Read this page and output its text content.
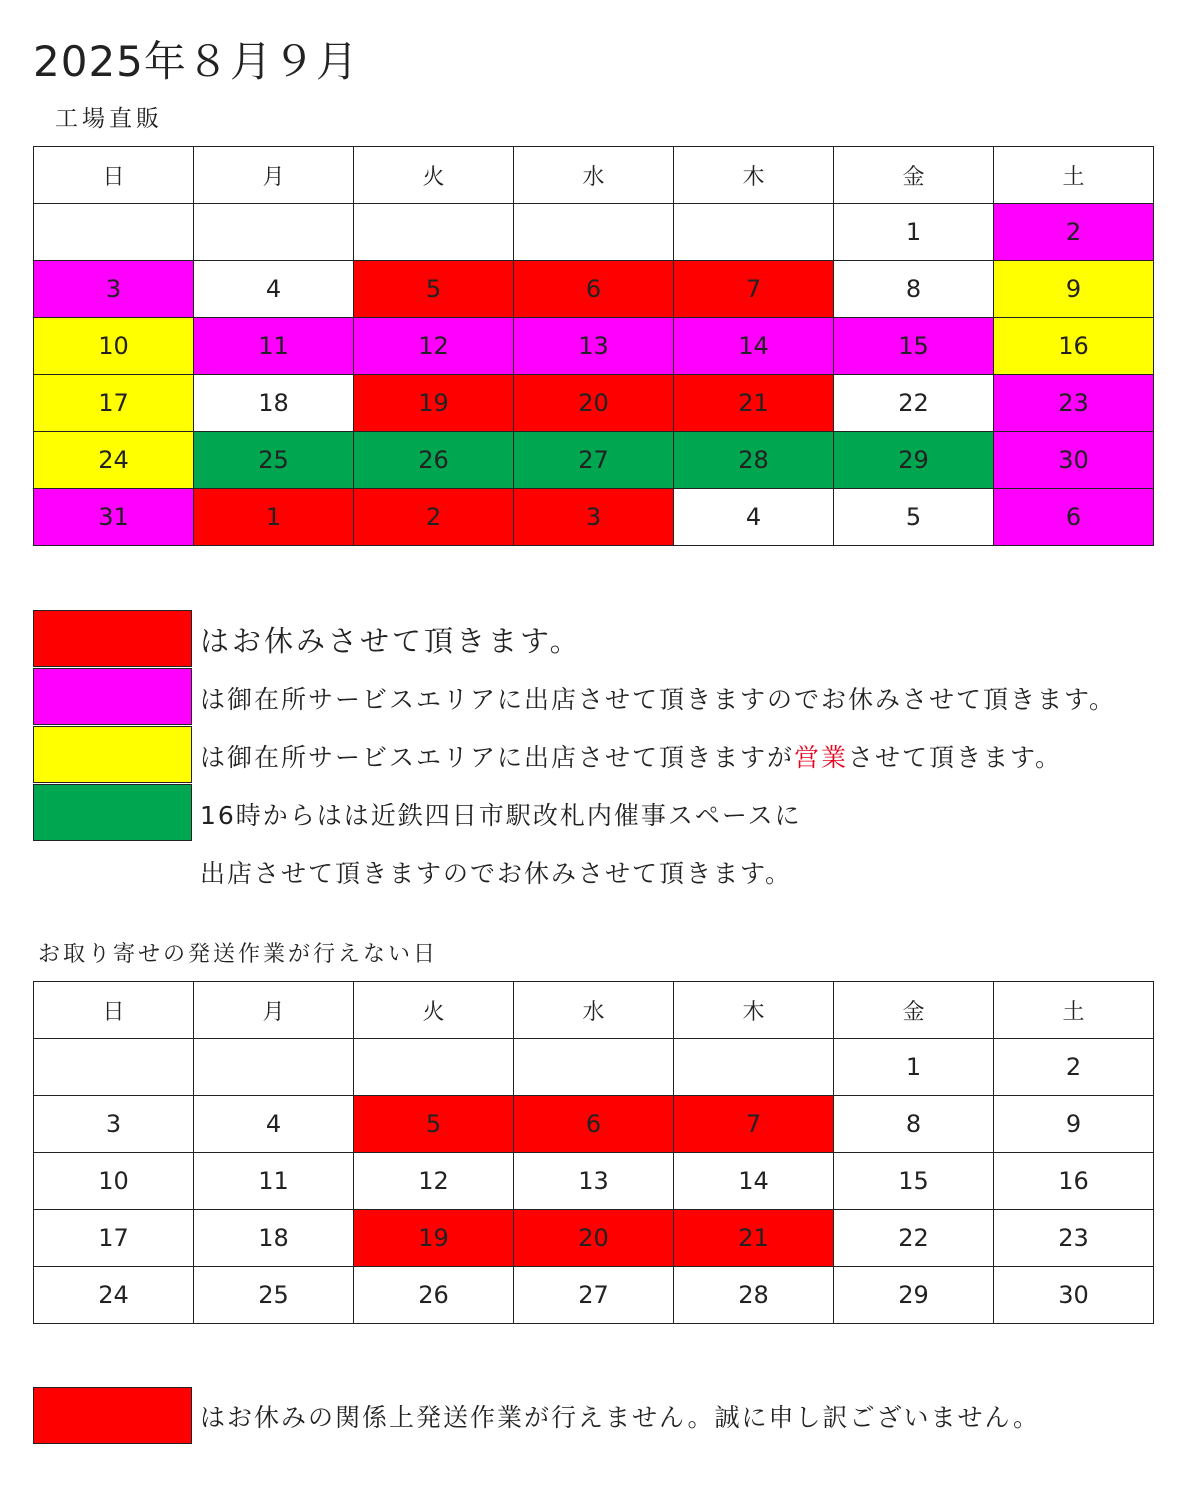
2025年８月９月
工場直販
日	月	火	水	木	金	土
					1	2
3	4	5	6	7	8	9
10	11	12	13	14	15	16
17	18	19	20	21	22	23
24	25	26	27	28	29	30
31	1	2	3	4	5	6

はお休みさせて頂きます。

は御在所サービスエリアに出店させて頂きますのでお休みさせて頂きます。

は御在所サービスエリアに出店させて頂きますが営業させて頂きます。

16時からはは近鉄四日市駅改札内催事スペースに

出店させて頂きますのでお休みさせて頂きます。

お取り寄せの発送作業が行えない日
日	月	火	水	木	金	土
					1	2
3	4	5	6	7	8	9
10	11	12	13	14	15	16
17	18	19	20	21	22	23
24	25	26	27	28	29	30

はお休みの関係上発送作業が行えません。誠に申し訳ございません。
